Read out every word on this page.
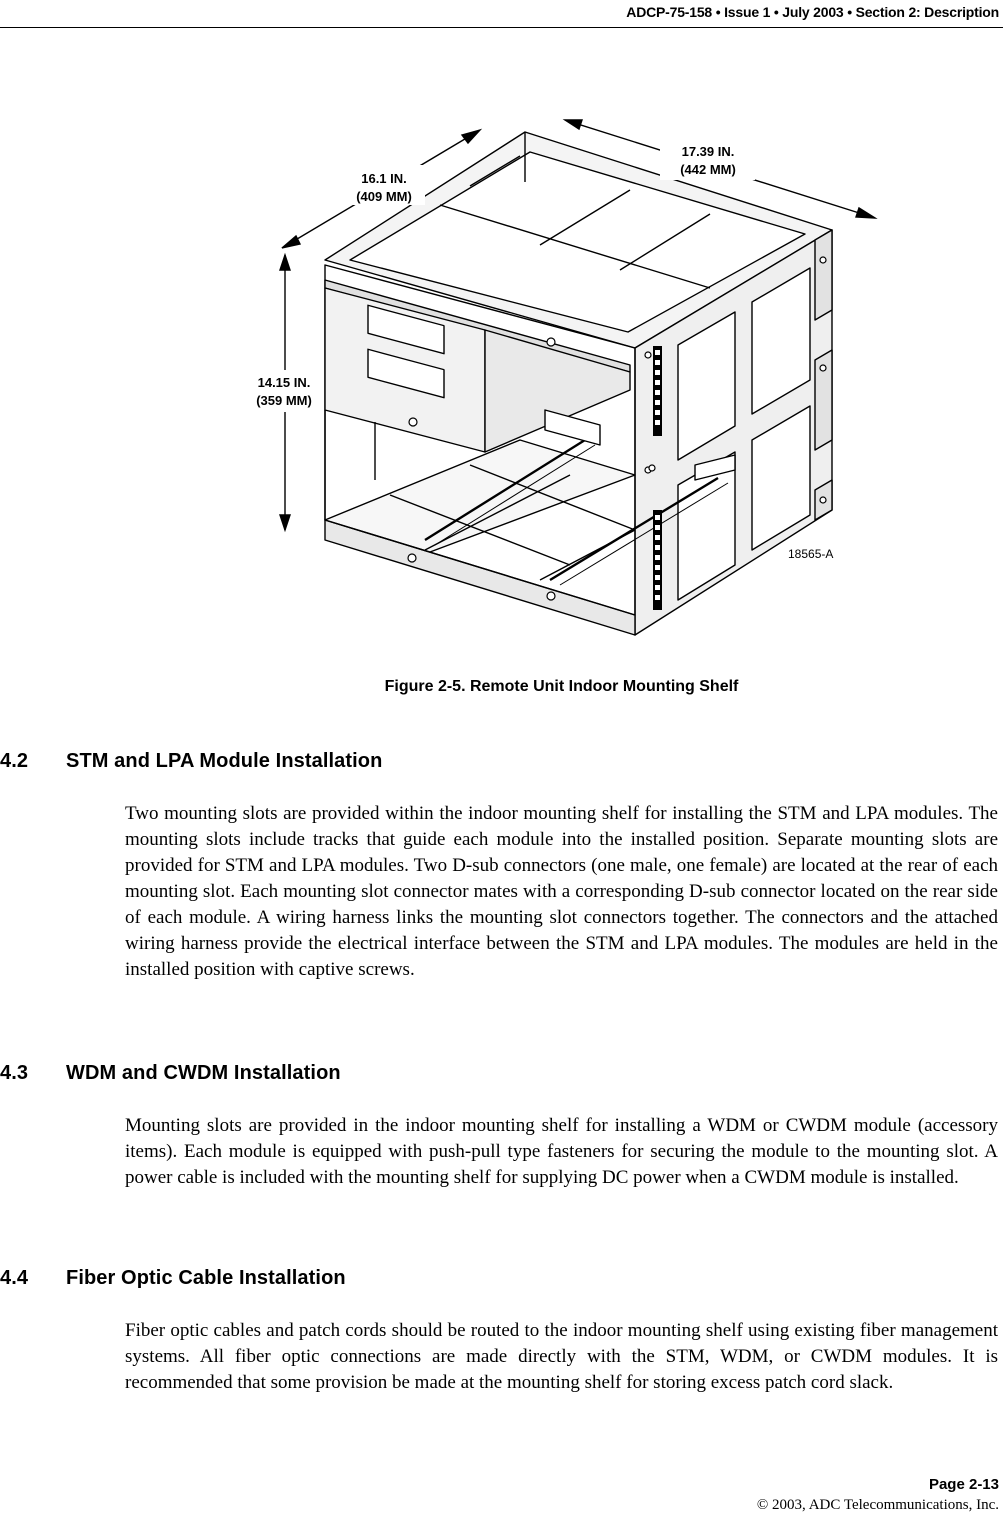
ADCP-75-158 • Issue 1 • July 2003 • Section 2: Description
16.1 IN.
(409 MM)
17.39 IN.
(442 MM)
14.15 IN.
(359 MM)
18565-A
Figure 2-5. Remote Unit Indoor Mounting Shelf
4.2 STM and LPA Module Installation
Two mounting slots are provided within the indoor mounting shelf for installing the STM and LPA modules. The mounting slots include tracks that guide each module into the installed position. Separate mounting slots are provided for STM and LPA modules. Two D-sub connectors (one male, one female) are located at the rear of each mounting slot. Each mounting slot connector mates with a corresponding D-sub connector located on the rear side of each module. A wiring harness links the mounting slot connectors together. The connectors and the attached wiring harness provide the electrical interface between the STM and LPA modules. The modules are held in the installed position with captive screws.
4.3 WDM and CWDM Installation
Mounting slots are provided in the indoor mounting shelf for installing a WDM or CWDM module (accessory items). Each module is equipped with push-pull type fasteners for securing the module to the mounting slot. A power cable is included with the mounting shelf for supplying DC power when a CWDM module is installed.
4.4 Fiber Optic Cable Installation
Fiber optic cables and patch cords should be routed to the indoor mounting shelf using existing fiber management systems. All fiber optic connections are made directly with the STM, WDM, or CWDM modules. It is recommended that some provision be made at the mounting shelf for storing excess patch cord slack.
Page 2-13
© 2003, ADC Telecommunications, Inc.
